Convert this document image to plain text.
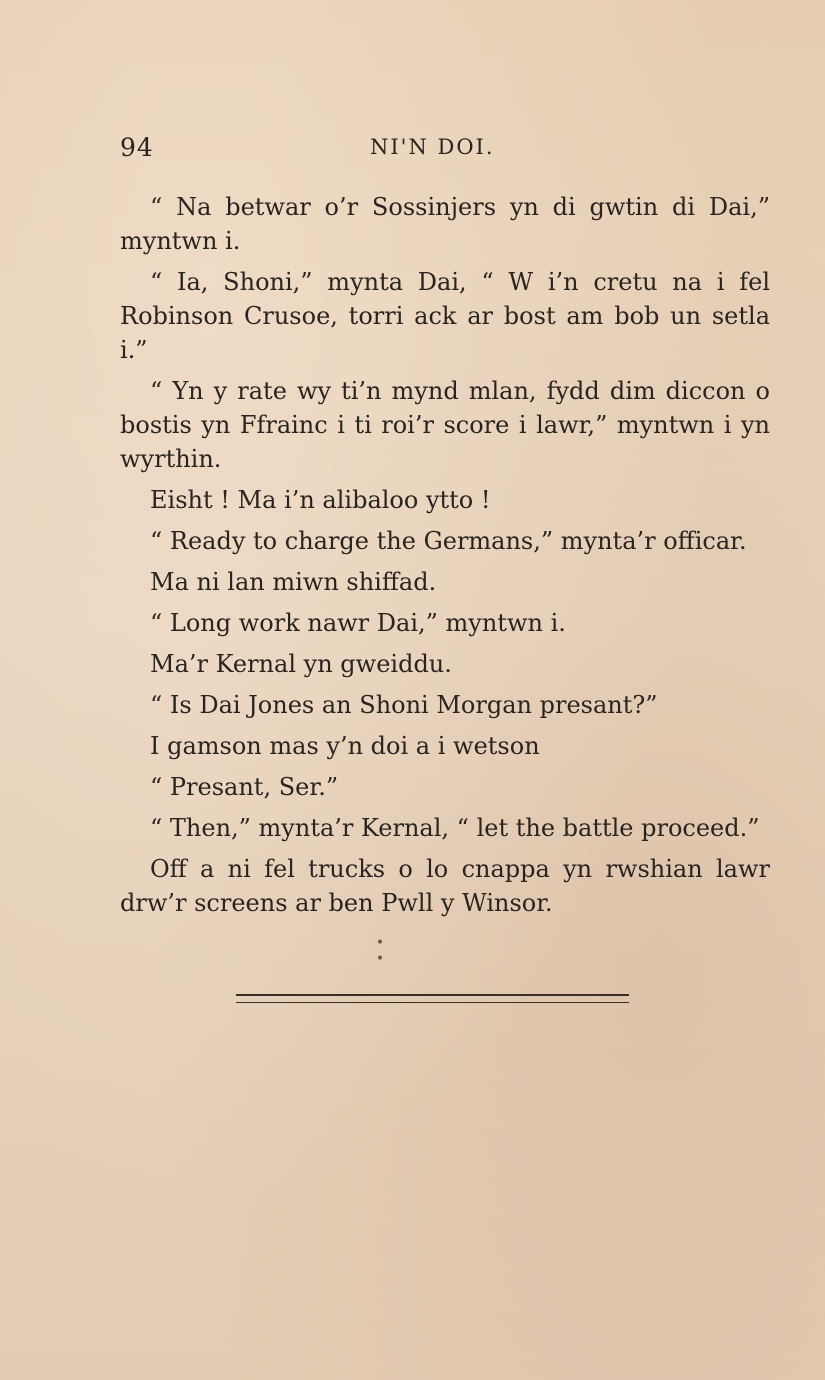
94	NI'N DOI.

“ Na betwar o’r Sossinjers yn di gwtin di Dai,” myntwn i.

“ Ia, Shoni,” mynta Dai, “ W i’n cretu na i fel Robinson Crusoe, torri ack ar bost am bob un setla i.”

“ Yn y rate wy ti’n mynd mlan, fydd dim diccon o bostis yn Ffrainc i ti roi’r score i lawr,” myntwn i yn wyrthin.

Eisht ! Ma i’n alibaloo ytto !

“ Ready to charge the Germans,” mynta’r officar.

Ma ni lan miwn shiffad.

“ Long work nawr Dai,” myntwn i.

Ma’r Kernal yn gweiddu.

“ Is Dai Jones an Shoni Morgan presant?”

I gamson mas y’n doi a i wetson

“ Presant, Ser.”

“ Then,” mynta’r Kernal, “ let the battle proceed.”

Off a ni fel trucks o lo cnappa yn rwshian lawr drw’r screens ar ben Pwll y Winsor.

• •
